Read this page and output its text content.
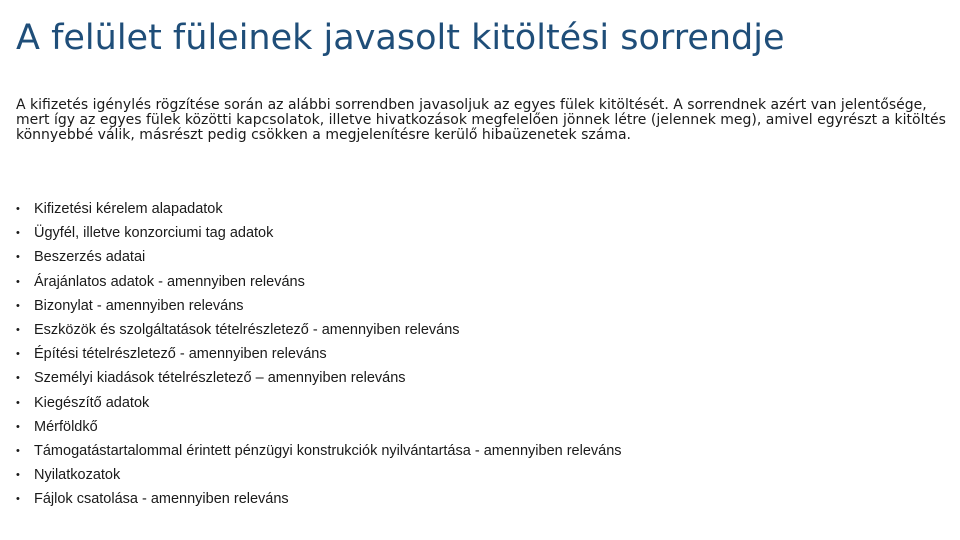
A felület füleinek javasolt kitöltési sorrendje

A kifizetés igénylés rögzítése során az alábbi sorrendben javasoljuk az egyes fülek kitöltését. A sorrendnek azért van jelentősége, mert így az egyes fülek közötti kapcsolatok, illetve hivatkozások megfelelően jönnek létre (jelennek meg), amivel egyrészt a kitöltés könnyebbé válik, másrészt pedig csökken a megjelenítésre kerülő hibaüzenetek száma.

• Kifizetési kérelem alapadatok
• Ügyfél, illetve konzorciumi tag adatok
• Beszerzés adatai
• Árajánlatos adatok - amennyiben releváns
• Bizonylat - amennyiben releváns
• Eszközök és szolgáltatások tételrészletező - amennyiben releváns
• Építési tételrészletező - amennyiben releváns
• Személyi kiadások tételrészletező – amennyiben releváns
• Kiegészítő adatok
• Mérföldkő
• Támogatástartalommal érintett pénzügyi konstrukciók nyilvántartása - amennyiben releváns
• Nyilatkozatok
• Fájlok csatolása - amennyiben releváns
